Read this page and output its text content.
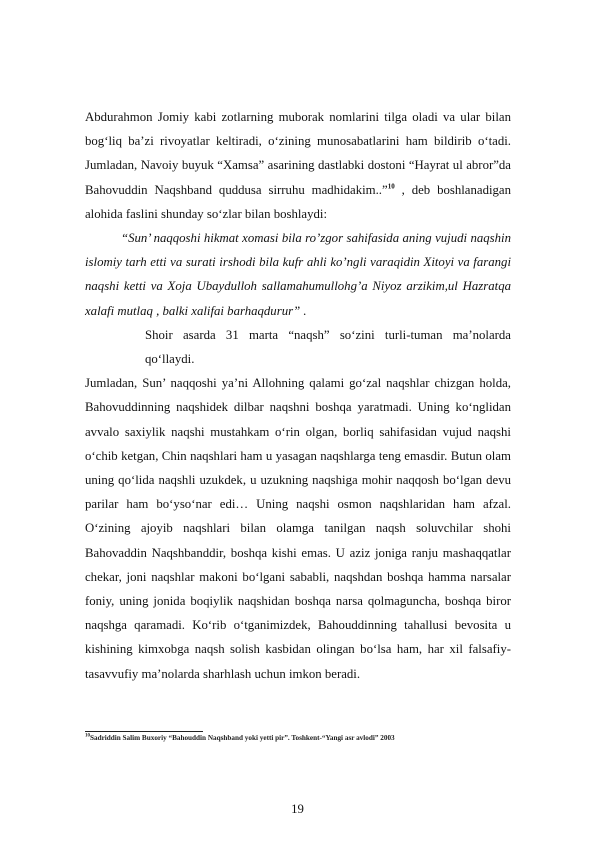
Abdurahmon Jomiy kabi zotlarning muborak nomlarini tilga oladi va ular bilan bog‘liq ba’zi rivoyatlar keltiradi, o‘zining munosabatlarini ham bildirib o‘tadi. Jumladan, Navoiy buyuk “Xamsa” asarining dastlabki dostoni “Hayrat ul abror”da Bahovuddin Naqshband quddusa sirruhu madhidakim..”$^{10}$ , deb boshlanadigan alohida faslini shunday so‘zlar bilan boshlaydi:

“Sun’ naqqoshi hikmat xomasi bila ro’zgor sahifasida aning vujudi naqshin islomiy tarh etti va surati irshodi bila kufr ahli ko’ngli varaqidin Xitoyi va farangi naqshi ketti va Xoja Ubaydulloh sallamahumullohg’a Niyoz arzikim,ul Hazratqa xalafi mutlaq , balki xalifai barhaqdurur” .

Shoir asarda 31 marta “naqsh” so‘zini turli-tuman ma’nolarda qo‘llaydi. Jumladan, Sun’ naqqoshi ya’ni Allohning qalami go‘zal naqshlar chizgan holda, Bahovuddinning naqshidek dilbar naqshni boshqa yaratmadi. Uning ko‘nglidan avvalo saxiylik naqshi mustahkam o‘rin olgan, borliq sahifasidan vujud naqshi o‘chib ketgan, Chin naqshlari ham u yasagan naqshlarga teng emasdir. Butun olam uning qo‘lida naqshli uzukdek, u uzukning naqshiga mohir naqqosh bo‘lgan devu parilar ham bo‘yso‘nar edi… Uning naqshi osmon naqshlaridan ham afzal. O‘zining ajoyib naqshlari bilan olamga tanilgan naqsh soluvchilar shohi Bahovaddin Naqshbanddir, boshqa kishi emas. U aziz joniga ranju mashaqqatlar chekar, joni naqshlar makoni bo‘lgani sababli, naqshdan boshqa hamma narsalar foniy, uning jonida boqiylik naqshidan boshqa narsa qolmaguncha, boshqa biror naqshga qaramadi. Ko‘rib o‘tganimizdek, Bahouddinning tahallusi bevosita u kishining kimxobga naqsh solish kasbidan olingan bo‘lsa ham, har xil falsafiy-tasavvufiy ma’nolarda sharhlash uchun imkon beradi.

$^{10}$Sadriddin Salim Buxoriy “Bahouddin Naqshband yoki yetti pir”. Toshkent-“Yangi asr avlodi” 2003
19
